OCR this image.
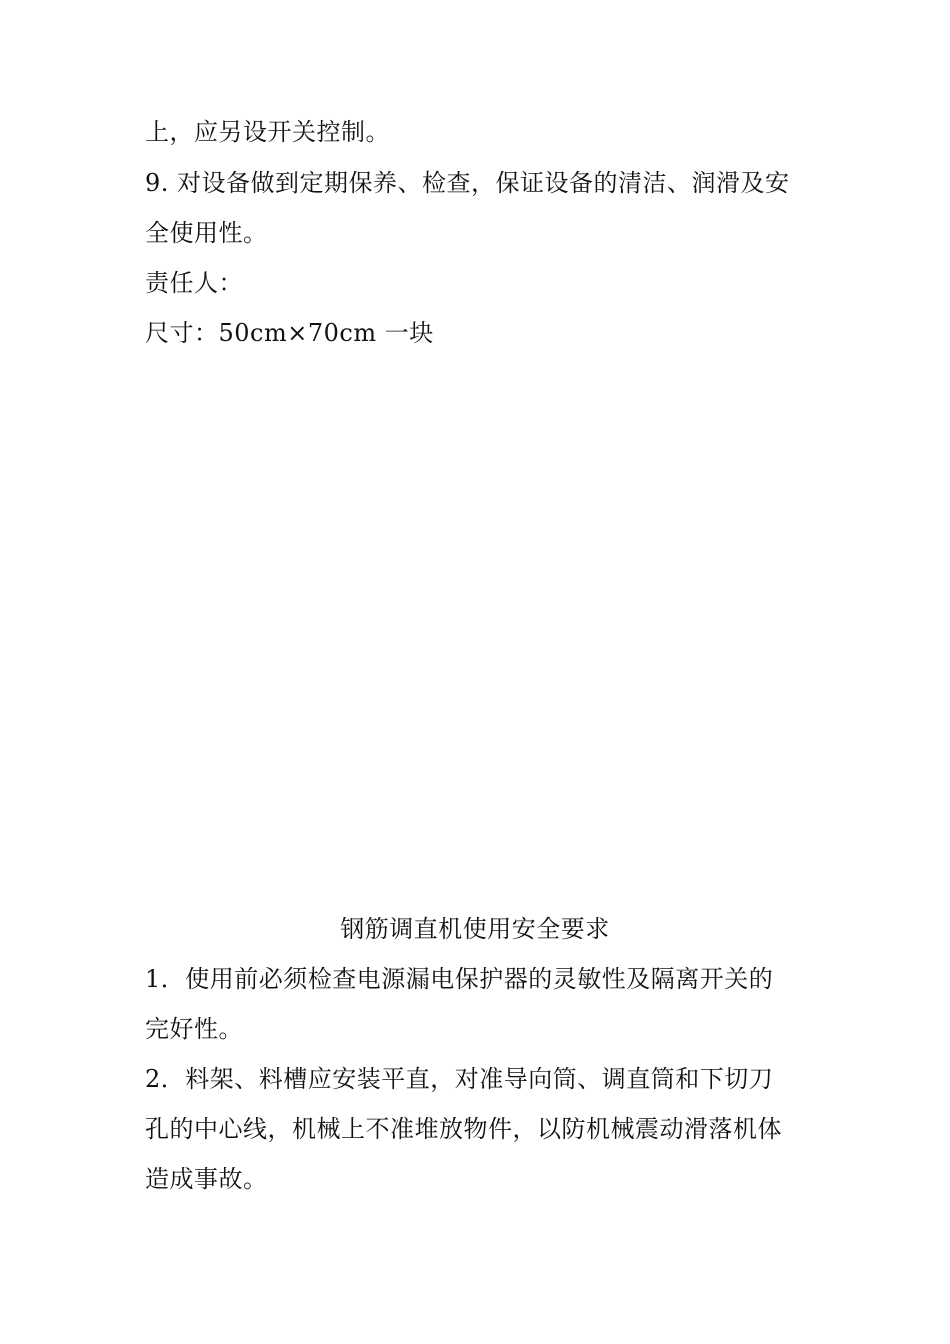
上，应另设开关控制。
9. 对设备做到定期保养、检查，保证设备的清洁、润滑及安
全使用性。
责任人：
尺寸：50cm×70cm 一块
钢筋调直机使用安全要求
1．使用前必须检查电源漏电保护器的灵敏性及隔离开关的
完好性。
2．料架、料槽应安装平直，对准导向筒、调直筒和下切刀
孔的中心线，机械上不准堆放物件，以防机械震动滑落机体
造成事故。
